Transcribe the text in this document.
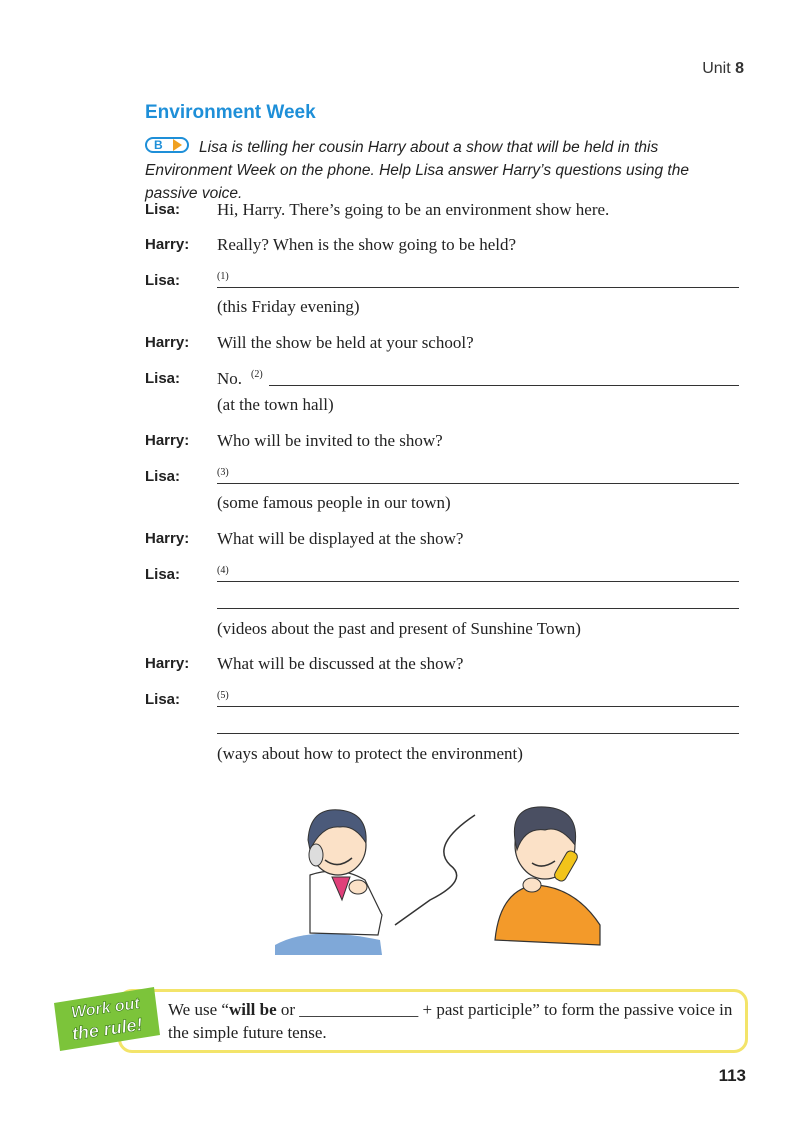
Unit 8
Environment Week
B	Lisa is telling her cousin Harry about a show that will be held in this Environment Week on the phone. Help Lisa answer Harry’s questions using the passive voice.
Lisa: Hi, Harry. There’s going to be an environment show here.
Harry: Really? When is the show going to be held?
Lisa:	(1)
(this Friday evening)
Harry: Will the show be held at your school?
Lisa: No. (2)
(at the town hall)
Harry: Who will be invited to the show?
Lisa:	(3)
(some famous people in our town)
Harry: What will be displayed at the show?
Lisa:	(4)
(videos about the past and present of Sunshine Town)
Harry: What will be discussed at the show?
Lisa:	(5)
(ways about how to protect the environment)
Work out
the rule!
We use “will be or ______________ + past participle” to form the passive voice in the simple future tense.
113
